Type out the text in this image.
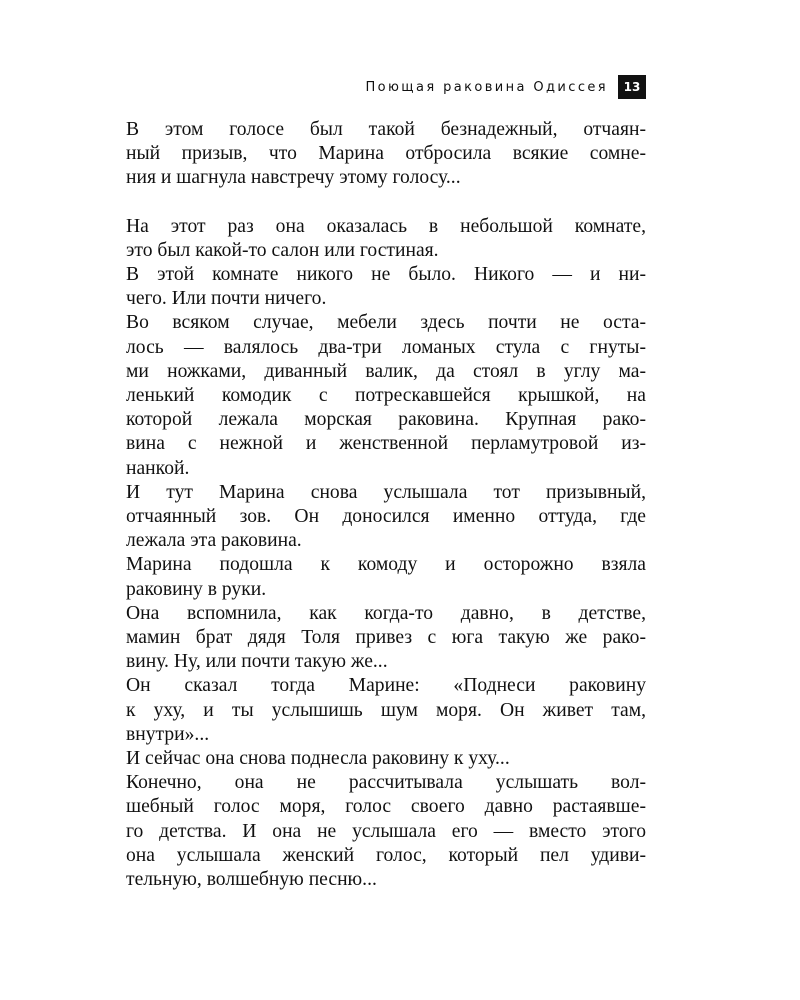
Поющая раковина Одиссея	13

В этом голосе был такой безнадежный, отчаян-
ный призыв, что Марина отбросила всякие сомне-
ния и шагнула навстречу этому голосу...

На этот раз она оказалась в небольшой комнате,
это был какой-то салон или гостиная.

В этой комнате никого не было. Никого — и ни-
чего. Или почти ничего.

Во всяком случае, мебели здесь почти не оста-
лось — валялось два-три ломаных стула с гнуты-
ми ножками, диванный валик, да стоял в углу ма-
ленький комодик с потрескавшейся крышкой, на
которой лежала морская раковина. Крупная рако-
вина с нежной и женственной перламутровой из-
нанкой.

И тут Марина снова услышала тот призывный,
отчаянный зов. Он доносился именно оттуда, где
лежала эта раковина.

Марина подошла к комоду и осторожно взяла
раковину в руки.

Она вспомнила, как когда-то давно, в детстве,
мамин брат дядя Толя привез с юга такую же рако-
вину. Ну, или почти такую же...

Он сказал тогда Марине: «Поднеси раковину
к уху, и ты услышишь шум моря. Он живет там,
внутри»...

И сейчас она снова поднесла раковину к уху...

Конечно, она не рассчитывала услышать вол-
шебный голос моря, голос своего давно растаявше-
го детства. И она не услышала его — вместо этого
она услышала женский голос, который пел удиви-
тельную, волшебную песню...
